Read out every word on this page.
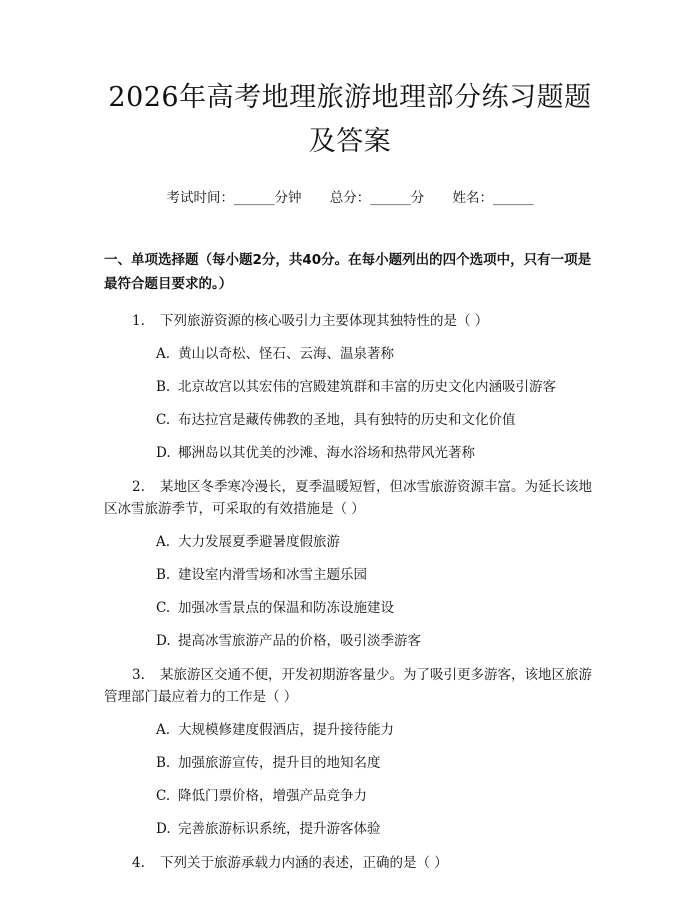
2026年高考地理旅游地理部分练习题题及答案
考试时间：______分钟 总分：______分 姓名：______
一、单项选择题（每小题2分，共40分。在每小题列出的四个选项中，只有一项是最符合题目要求的。）
1. 下列旅游资源的核心吸引力主要体现其独特性的是（ ）
A. 黄山以奇松、怪石、云海、温泉著称
B. 北京故宫以其宏伟的宫殿建筑群和丰富的历史文化内涵吸引游客
C. 布达拉宫是藏传佛教的圣地，具有独特的历史和文化价值
D. 椰洲岛以其优美的沙滩、海水浴场和热带风光著称
2. 某地区冬季寒冷漫长，夏季温暖短暂，但冰雪旅游资源丰富。为延长该地区冰雪旅游季节，可采取的有效措施是（ ）
A. 大力发展夏季避暑度假旅游
B. 建设室内滑雪场和冰雪主题乐园
C. 加强冰雪景点的保温和防冻设施建设
D. 提高冰雪旅游产品的价格，吸引淡季游客
3. 某旅游区交通不便，开发初期游客量少。为了吸引更多游客，该地区旅游管理部门最应着力的工作是（ ）
A. 大规模修建度假酒店，提升接待能力
B. 加强旅游宣传，提升目的地知名度
C. 降低门票价格，增强产品竞争力
D. 完善旅游标识系统，提升游客体验
4. 下列关于旅游承载力内涵的表述，正确的是（ ）
